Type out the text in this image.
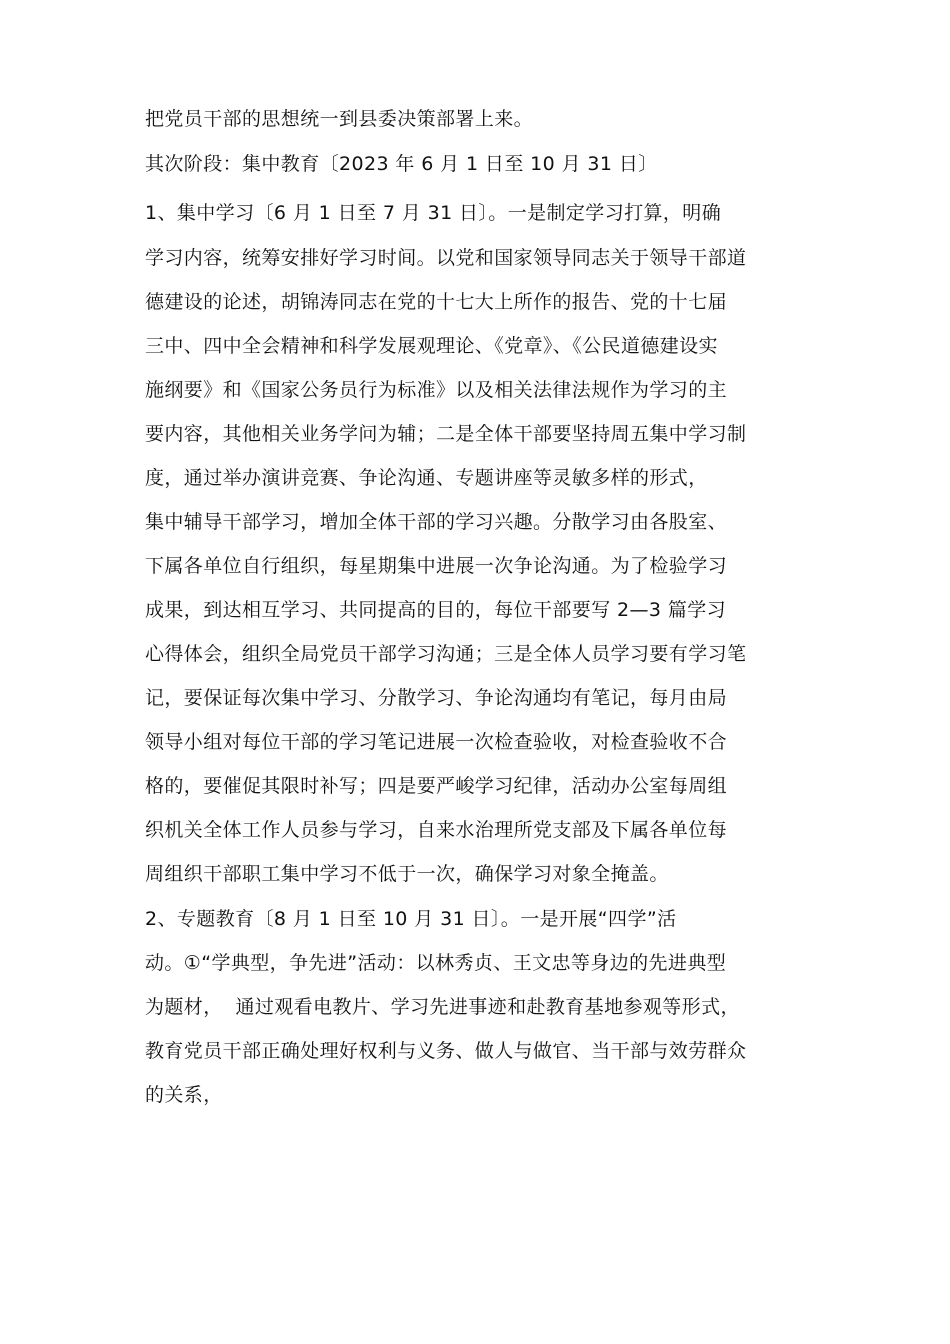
把党员干部的思想统一到县委决策部署上来。
其次阶段：集中教育〔2023 年 6 月 1 日至 10 月 31 日〕
1、集中学习〔6 月 1 日至 7 月 31 日〕。一是制定学习打算，明确
学习内容，统筹安排好学习时间。以党和国家领导同志关于领导干部道
德建设的论述，胡锦涛同志在党的十七大上所作的报告、党的十七届
三中、四中全会精神和科学发展观理论、《党章》、《公民道德建设实
施纲要》和《国家公务员行为标准》以及相关法律法规作为学习的主
要内容，其他相关业务学问为辅；二是全体干部要坚持周五集中学习制
度，通过举办演讲竞赛、争论沟通、专题讲座等灵敏多样的形式，
集中辅导干部学习，增加全体干部的学习兴趣。分散学习由各股室、
下属各单位自行组织，每星期集中进展一次争论沟通。为了检验学习
成果，到达相互学习、共同提高的目的，每位干部要写 2—3 篇学习
心得体会，组织全局党员干部学习沟通；三是全体人员学习要有学习笔
记，要保证每次集中学习、分散学习、争论沟通均有笔记，每月由局
领导小组对每位干部的学习笔记进展一次检查验收，对检查验收不合
格的，要催促其限时补写；四是要严峻学习纪律，活动办公室每周组
织机关全体工作人员参与学习，自来水治理所党支部及下属各单位每
周组织干部职工集中学习不低于一次，确保学习对象全掩盖。
2、专题教育〔8 月 1 日至 10 月 31 日〕。一是开展“四学”活
动。①“学典型，争先进”活动：以林秀贞、王文忠等身边的先进典型
为题材，  通过观看电教片、学习先进事迹和赴教育基地参观等形式，
教育党员干部正确处理好权利与义务、做人与做官、当干部与效劳群众
的关系，
